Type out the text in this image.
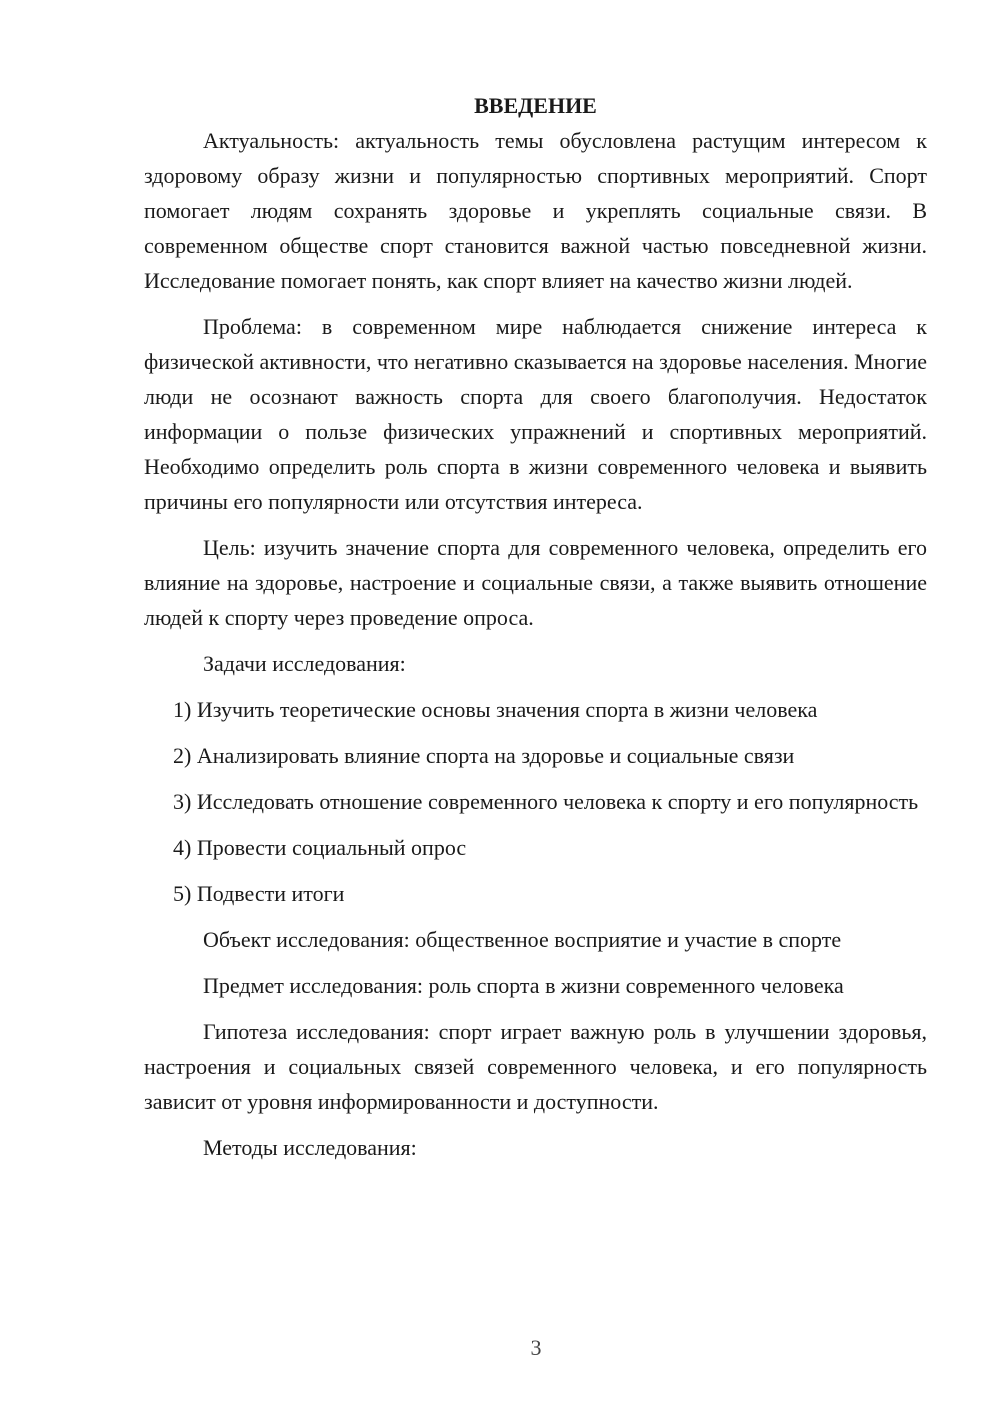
ВВЕДЕНИЕ

Актуальность: актуальность темы обусловлена растущим интересом к здоровому образу жизни и популярностью спортивных мероприятий. Спорт помогает людям сохранять здоровье и укреплять социальные связи. В современном обществе спорт становится важной частью повседневной жизни. Исследование помогает понять, как спорт влияет на качество жизни людей.

Проблема: в современном мире наблюдается снижение интереса к физической активности, что негативно сказывается на здоровье населения. Многие люди не осознают важность спорта для своего благополучия. Недостаток информации о пользе физических упражнений и спортивных мероприятий. Необходимо определить роль спорта в жизни современного человека и выявить причины его популярности или отсутствия интереса.

Цель: изучить значение спорта для современного человека, определить его влияние на здоровье, настроение и социальные связи, а также выявить отношение людей к спорту через проведение опроса.

Задачи исследования:

1) Изучить теоретические основы значения спорта в жизни человека

2) Анализировать влияние спорта на здоровье и социальные связи

3) Исследовать отношение современного человека к спорту и его популярность

4) Провести социальный опрос

5) Подвести итоги

Объект исследования: общественное восприятие и участие в спорте

Предмет исследования: роль спорта в жизни современного человека

Гипотеза исследования: спорт играет важную роль в улучшении здоровья, настроения и социальных связей современного человека, и его популярность зависит от уровня информированности и доступности.

Методы исследования:

3
